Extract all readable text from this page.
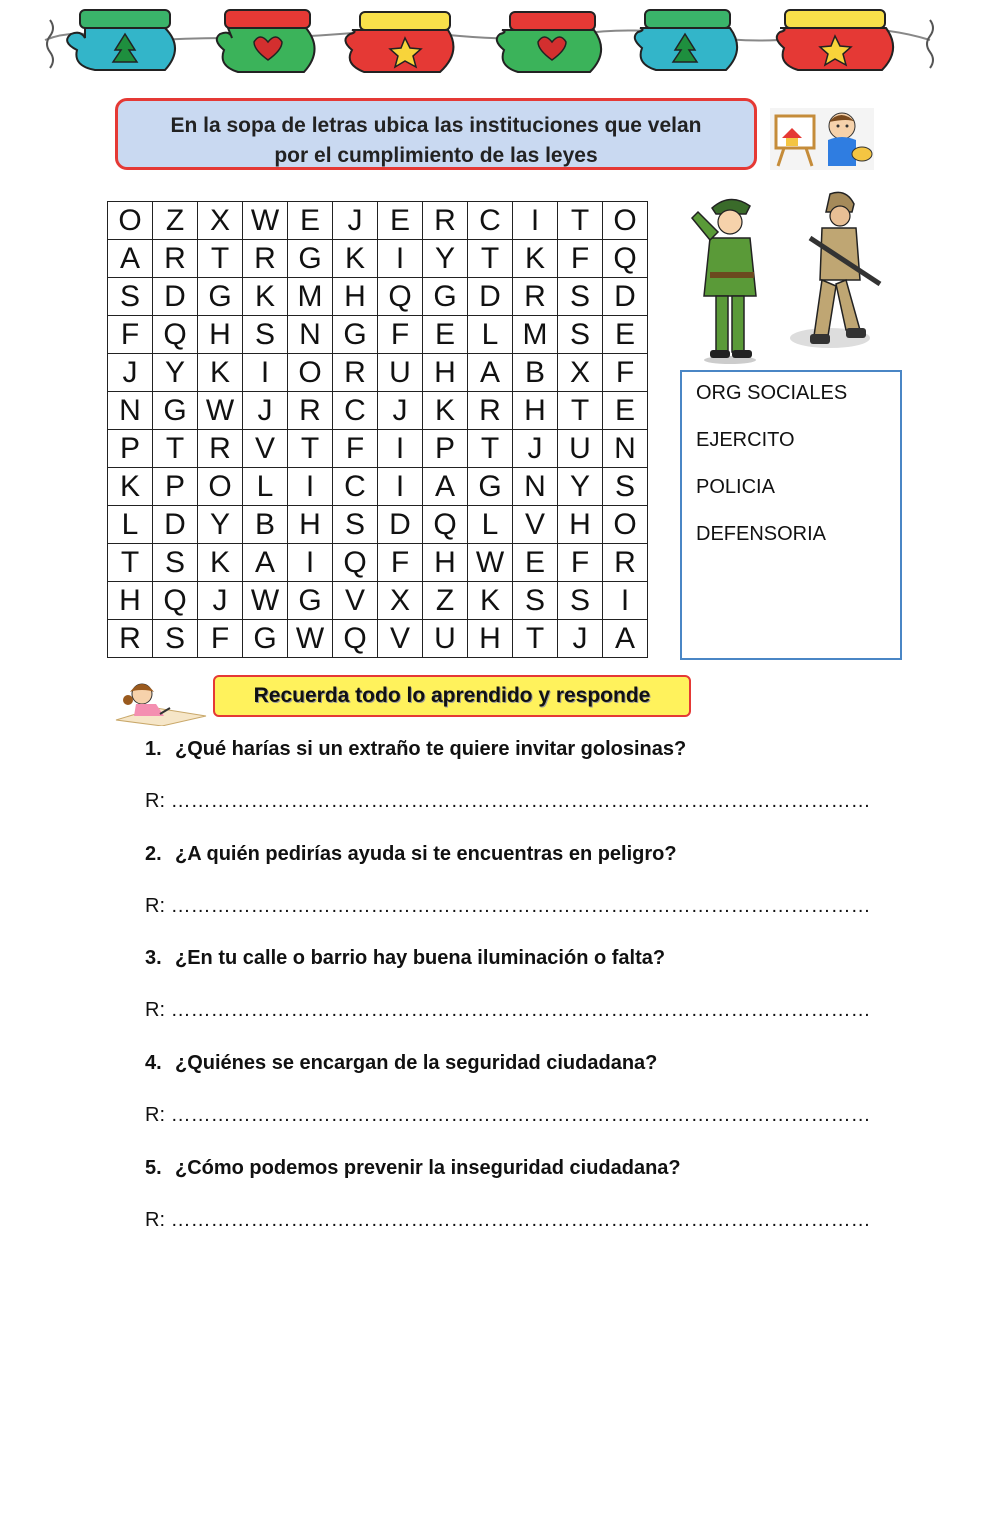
En la sopa de letras ubica las instituciones que velan
por el cumplimiento de las leyes
O	Z	X	W	E	J	E	R	C	I	T	O
A	R	T	R	G	K	I	Y	T	K	F	Q
S	D	G	K	M	H	Q	G	D	R	S	D
F	Q	H	S	N	G	F	E	L	M	S	E
J	Y	K	I	O	R	U	H	A	B	X	F
N	G	W	J	R	C	J	K	R	H	T	E
P	T	R	V	T	F	I	P	T	J	U	N
K	P	O	L	I	C	I	A	G	N	Y	S
L	D	Y	B	H	S	D	Q	L	V	H	O
T	S	K	A	I	Q	F	H	W	E	F	R
H	Q	J	W	G	V	X	Z	K	S	S	I
R	S	F	G	W	Q	V	U	H	T	J	A
ORG SOCIALES
EJERCITO
POLICIA
DEFENSORIA
Recuerda todo lo aprendido y responde
1. ¿Qué harías si un extraño te quiere invitar golosinas?
R: ……………………………………………………………………………………………
2. ¿A quién pedirías ayuda si te encuentras en peligro?
R: ……………………………………………………………………………………………
3. ¿En tu calle o barrio hay buena iluminación o falta?
R: ……………………………………………………………………………………………
4. ¿Quiénes se encargan de la seguridad ciudadana?
R: ……………………………………………………………………………………………
5. ¿Cómo podemos prevenir la inseguridad ciudadana?
R: ……………………………………………………………………………………………
